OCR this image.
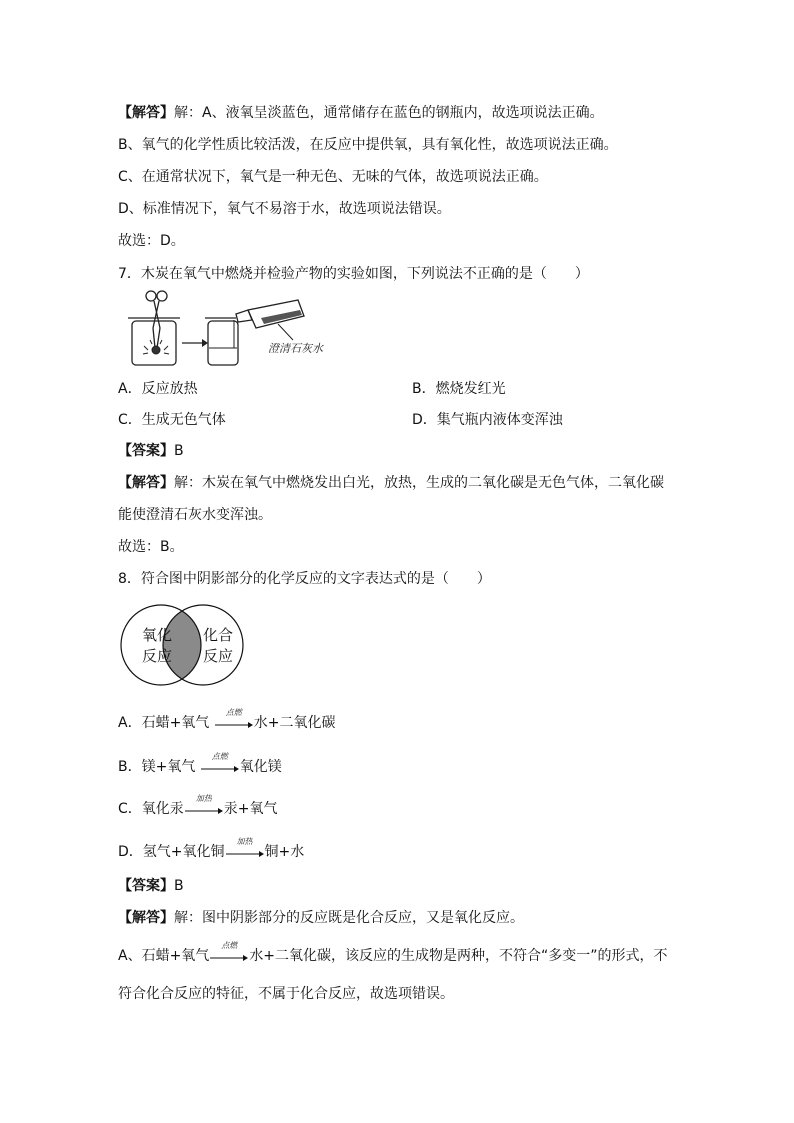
【解答】解：A、液氧呈淡蓝色，通常储存在蓝色的钢瓶内，故选项说法正确。
B、氧气的化学性质比较活泼，在反应中提供氧，具有氧化性，故选项说法正确。
C、在通常状况下，氧气是一种无色、无味的气体，故选项说法正确。
D、标准情况下，氧气不易溶于水，故选项说法错误。
故选：D。
7．木炭在氧气中燃烧并检验产物的实验如图，下列说法不正确的是（　　）
澄清石灰水
A．反应放热	B．燃烧发红光
C．生成无色气体	D．集气瓶内液体变浑浊
【答案】B
【解答】解：木炭在氧气中燃烧发出白光，放热，生成的二氧化碳是无色气体，二氧化碳
能使澄清石灰水变浑浊。
故选：B。
8．符合图中阴影部分的化学反应的文字表达式的是（　　）
氧化
反应
化合
反应
A．石蜡+氧气
点燃
水+二氧化碳
B．镁+氧气
点燃
氧化镁
C．氧化汞
加热
汞+氧气
D．氢气+氧化铜
加热
铜+水
【答案】B
【解答】解：图中阴影部分的反应既是化合反应，又是氧化反应。
A、石蜡+氧气
点燃
水+二氧化碳，该反应的生成物是两种，不符合“多变一”的形式，不
符合化合反应的特征，不属于化合反应，故选项错误。
